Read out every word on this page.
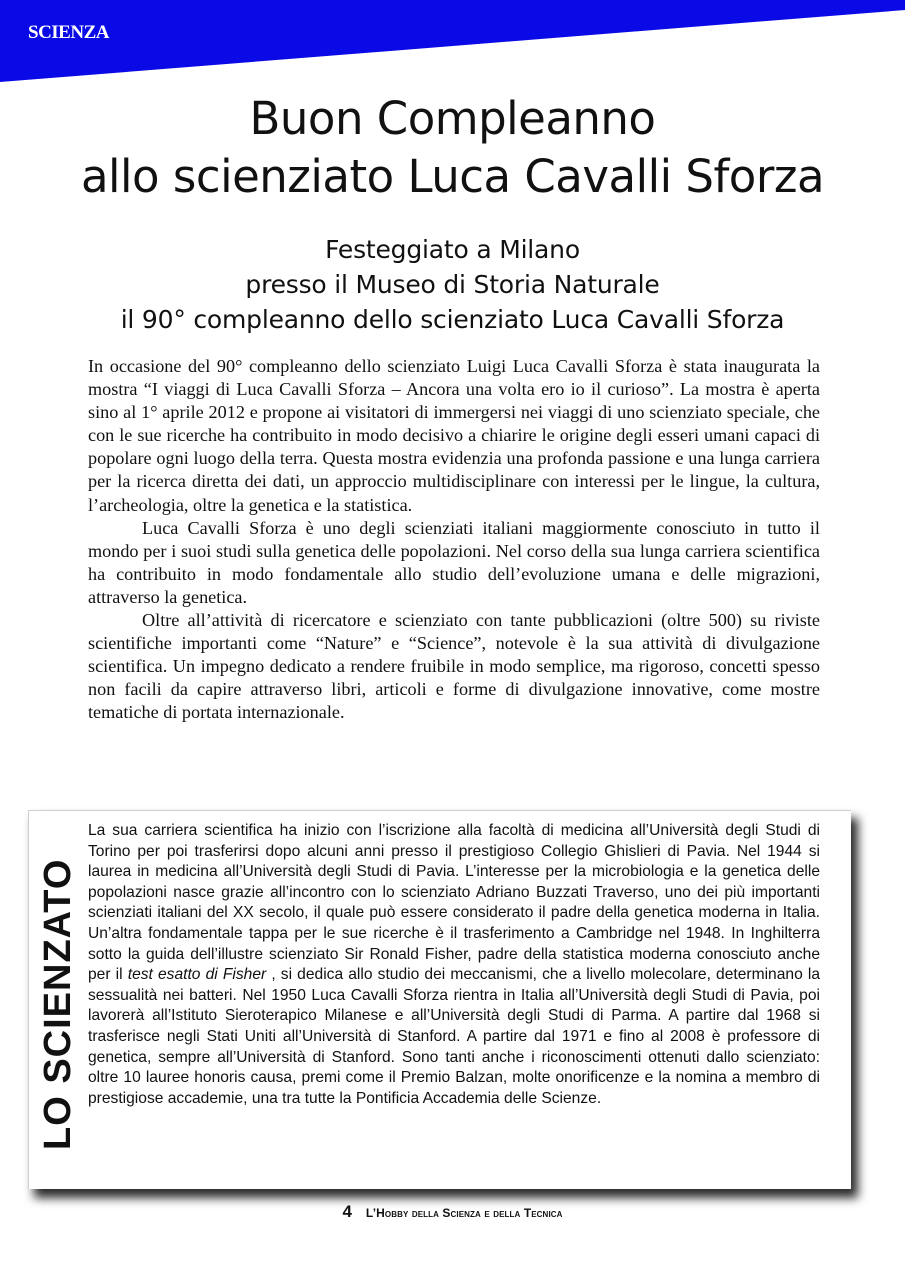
SCIENZA
Buon Compleanno
allo scienziato Luca Cavalli Sforza
Festeggiato a Milano
presso il Museo di Storia Naturale
il 90° compleanno dello scienziato Luca Cavalli Sforza

In occasione del 90° compleanno dello scienziato Luigi Luca Cavalli Sforza è stata inaugurata la mostra “I viaggi di Luca Cavalli Sforza – Ancora una volta ero io il curioso”. La mostra è aperta sino al 1° aprile 2012 e propone ai visitatori di immergersi nei viaggi di uno scienziato speciale, che con le sue ricerche ha contribuito in modo decisivo a chiarire le origine degli esseri umani capaci di popolare ogni luogo della terra. Questa mostra evidenzia una profonda passione e una lunga carriera per la ricerca diretta dei dati, un approccio multidisciplinare con interessi per le lingue, la cultura, l’archeologia, oltre la genetica e la statistica.

Luca Cavalli Sforza è uno degli scienziati italiani maggiormente conosciuto in tutto il mondo per i suoi studi sulla genetica delle popolazioni. Nel corso della sua lunga carriera scientifica ha contribuito in modo fondamentale allo studio dell’evoluzione umana e delle migrazioni, attraverso la genetica.

Oltre all’attività di ricercatore e scienziato con tante pubblicazioni (oltre 500) su riviste scientifiche importanti come “Nature” e “Science”, notevole è la sua attività di divulgazione scientifica. Un impegno dedicato a rendere fruibile in modo semplice, ma rigoroso, concetti spesso non facili da capire attraverso libri, articoli e forme di divulgazione innovative, come mostre tematiche di portata internazionale.

LO SCIENZATO

La sua carriera scientifica ha inizio con l’iscrizione alla facoltà di medicina all’Università degli Studi di Torino per poi trasferirsi dopo alcuni anni presso il prestigioso Collegio Ghislieri di Pavia. Nel 1944 si laurea in medicina all’Università degli Studi di Pavia. L’interesse per la microbiologia e la genetica delle popolazioni nasce grazie all’incontro con lo scienziato Adriano Buzzati Traverso, uno dei più importanti scienziati italiani del XX secolo, il quale può essere considerato il padre della genetica moderna in Italia. Un’altra fondamentale tappa per le sue ricerche è il trasferimento a Cambridge nel 1948. In Inghilterra sotto la guida dell’illustre scienziato Sir Ronald Fisher, padre della statistica moderna conosciuto anche per il test esatto di Fisher , si dedica allo studio dei meccanismi, che a livello molecolare, determinano la sessualità nei batteri. Nel 1950 Luca Cavalli Sforza rientra in Italia all’Università degli Studi di Pavia, poi lavorerà all’Istituto Sieroterapico Milanese e all’Università degli Studi di Parma. A partire dal 1968 si trasferisce negli Stati Uniti all’Università di Stanford. A partire dal 1971 e fino al 2008 è professore di genetica, sempre all’Università di Stanford. Sono tanti anche i riconoscimenti ottenuti dallo scienziato: oltre 10 lauree honoris causa, premi come il Premio Balzan, molte onorificenze e la nomina a membro di prestigiose accademie, una tra tutte la Pontificia Accademia delle Scienze.

4 L’Hobby della Scienza e della Tecnica
